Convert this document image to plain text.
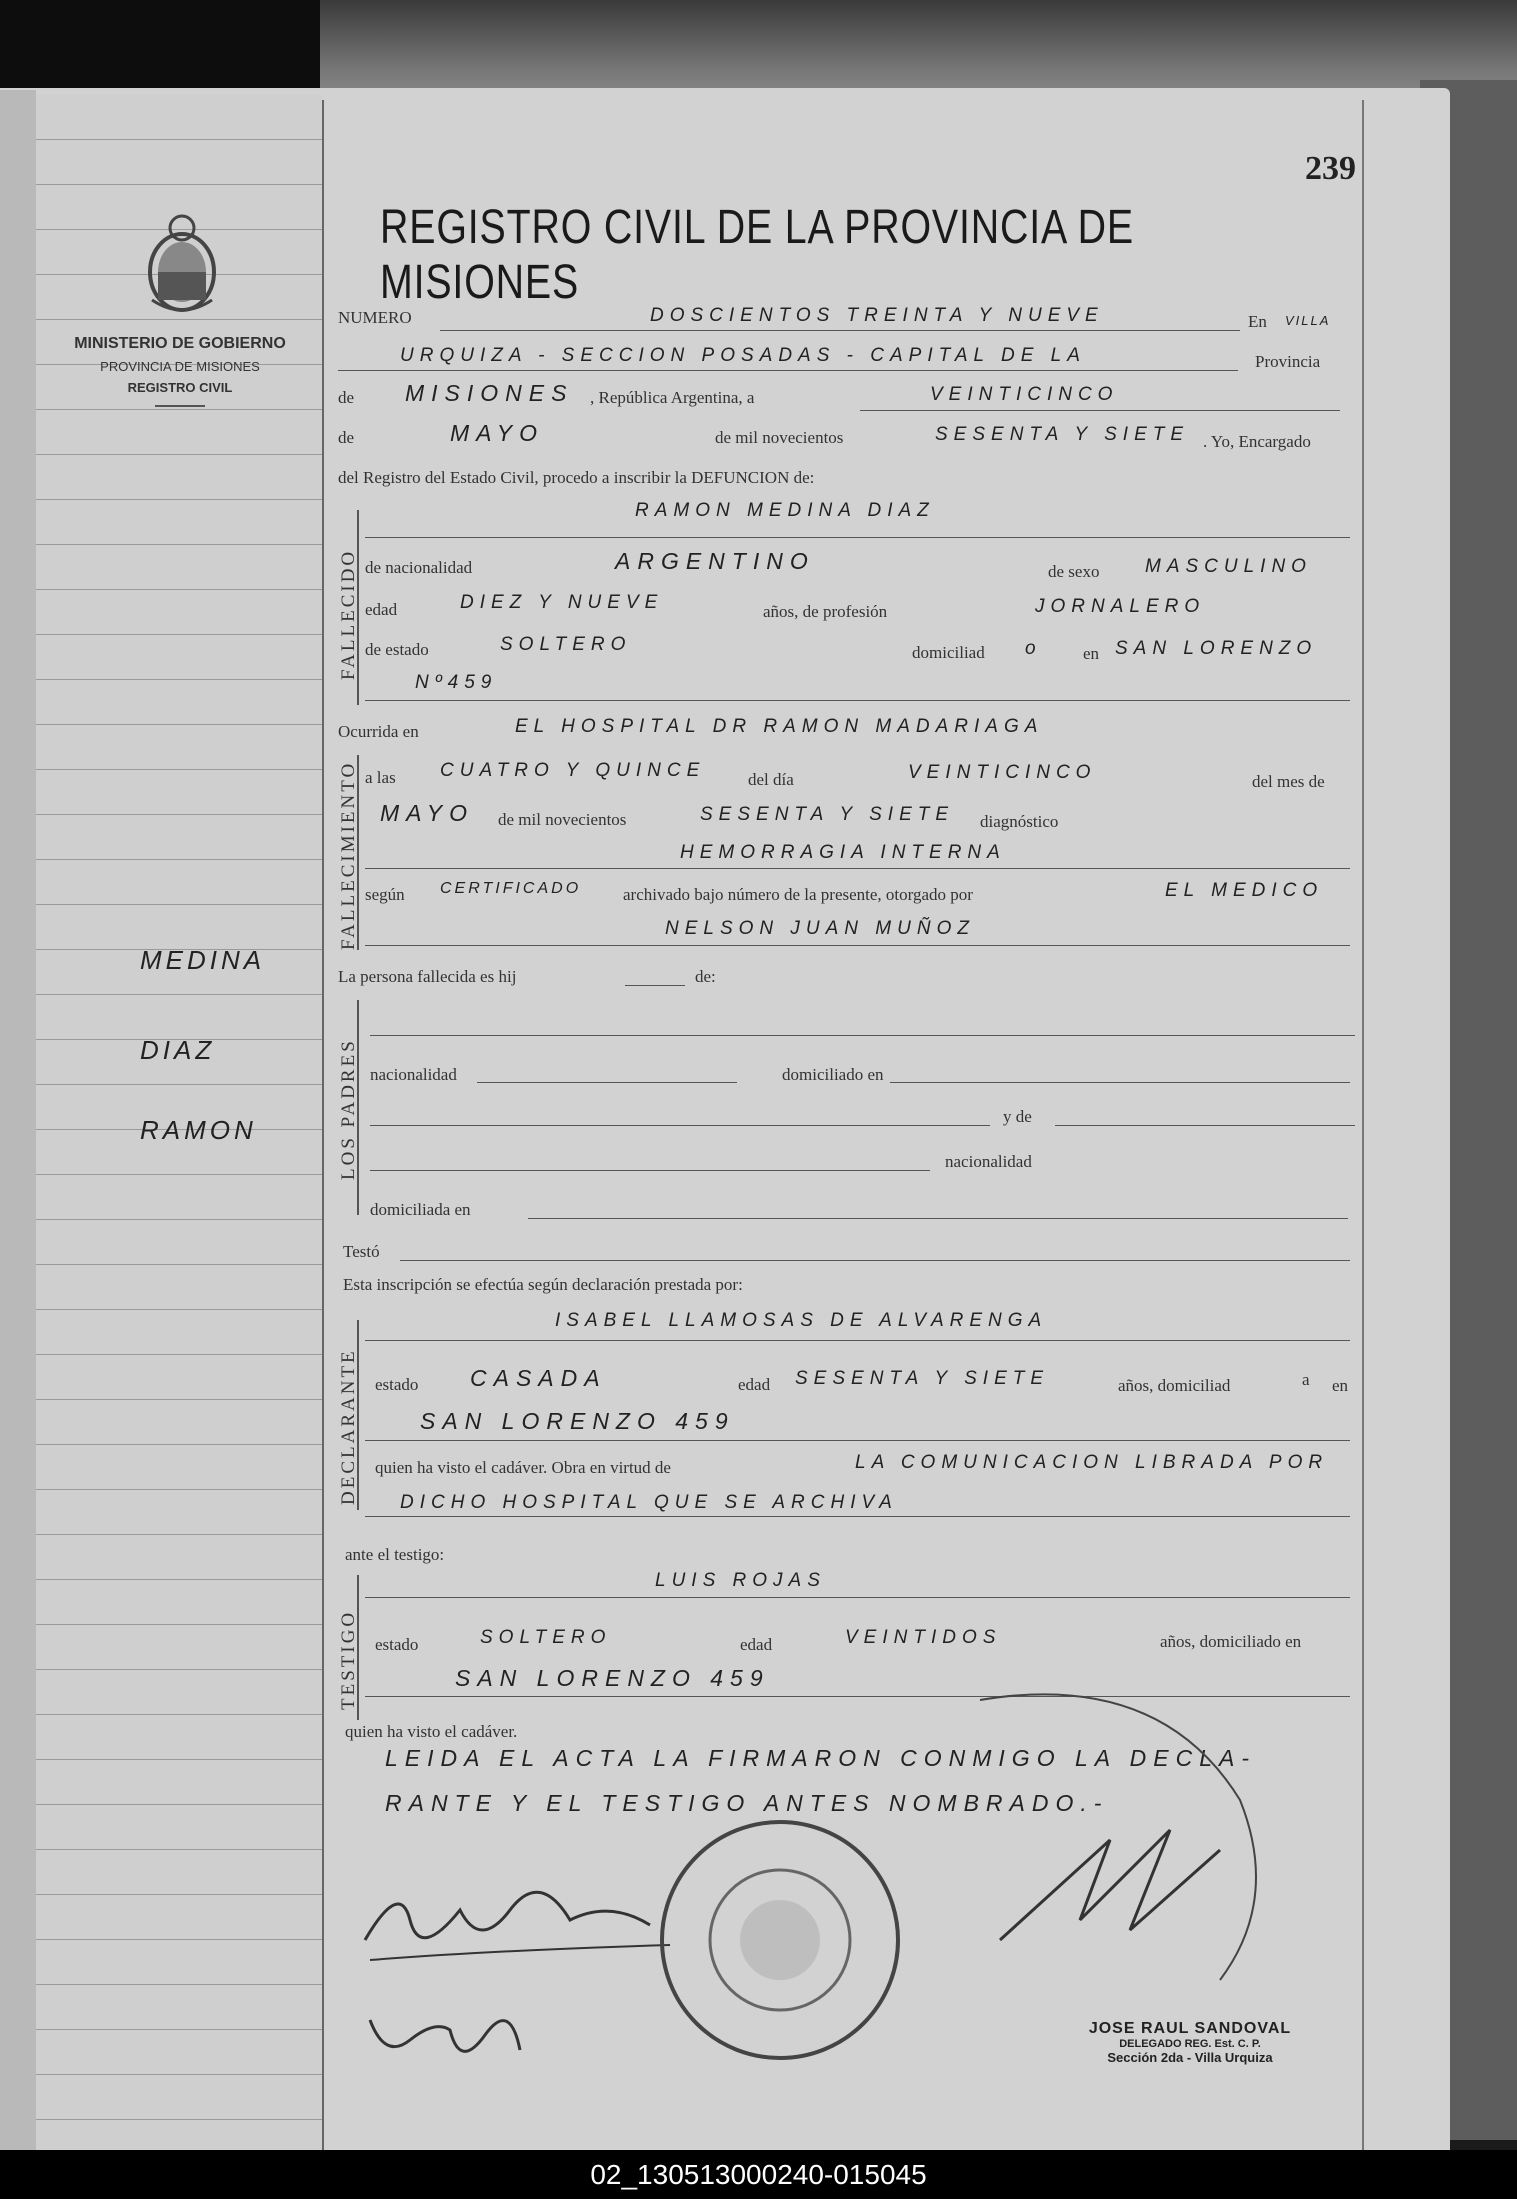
MINISTERIO DE GOBIERNO
PROVINCIA DE MISIONES
REGISTRO CIVIL
REGISTRO CIVIL DE LA PROVINCIA DE MISIONES
239
MEDINA
DIAZ
RAMON
NUMERO	DOSCIENTOS TREINTA Y NUEVE	En VILLA
URQUIZA - SECCION POSADAS - CAPITAL DE LA	Provincia
de MISIONES , República Argentina, a	VEINTICINCO
de	MAYO	de mil novecientos	SESENTA Y SIETE . Yo, Encargado
del Registro del Estado Civil, procedo a inscribir la DEFUNCION de:
FALLECIDO
RAMON MEDINA DIAZ
de nacionalidad	ARGENTINO	de sexo MASCULINO
edad	DIEZ Y NUEVE	años, de profesión	JORNALERO
de estado	SOLTERO	domiciliad o en SAN LORENZO
Nº459
Ocurrida en	EL HOSPITAL DR RAMON MADARIAGA
FALLECIMIENTO a las CUATRO Y QUINCE	del día	VEINTICINCO	del mes de
MAYO de mil novecientos	SESENTA Y SIETE diagnóstico
HEMORRAGIA INTERNA
según CERTIFICADO archivado bajo número de la presente, otorgado por	EL MEDICO
NELSON JUAN MUÑOZ
La persona fallecida es hij	de:
LOS PADRES nacionalidad	domiciliado en
y de
nacionalidad
domiciliada en
Testó
Esta inscripción se efectúa según declaración prestada por:
DECLARANTE
ISABEL LLAMOSAS DE ALVARENGA
estado CASADA	edad SESENTA Y SIETE	años, domiciliad	a en
SAN LORENZO 459
quien ha visto el cadáver. Obra en virtud de	LA COMUNICACION LIBRADA POR
DICHO HOSPITAL QUE SE ARCHIVA
ante el testigo:
TESTIGO
LUIS ROJAS
estado	SOLTERO	edad	VEINTIDOS	años, domiciliado en
SAN LORENZO 459
quien ha visto el cadáver.
LEIDA EL ACTA LA FIRMARON CONMIGO LA DECLA-
RANTE Y EL TESTIGO ANTES NOMBRADO.-
JOSE RAUL SANDOVAL
DELEGADO REG. Est. C. P.
Sección 2da - Villa Urquiza
02_130513000240-015045
